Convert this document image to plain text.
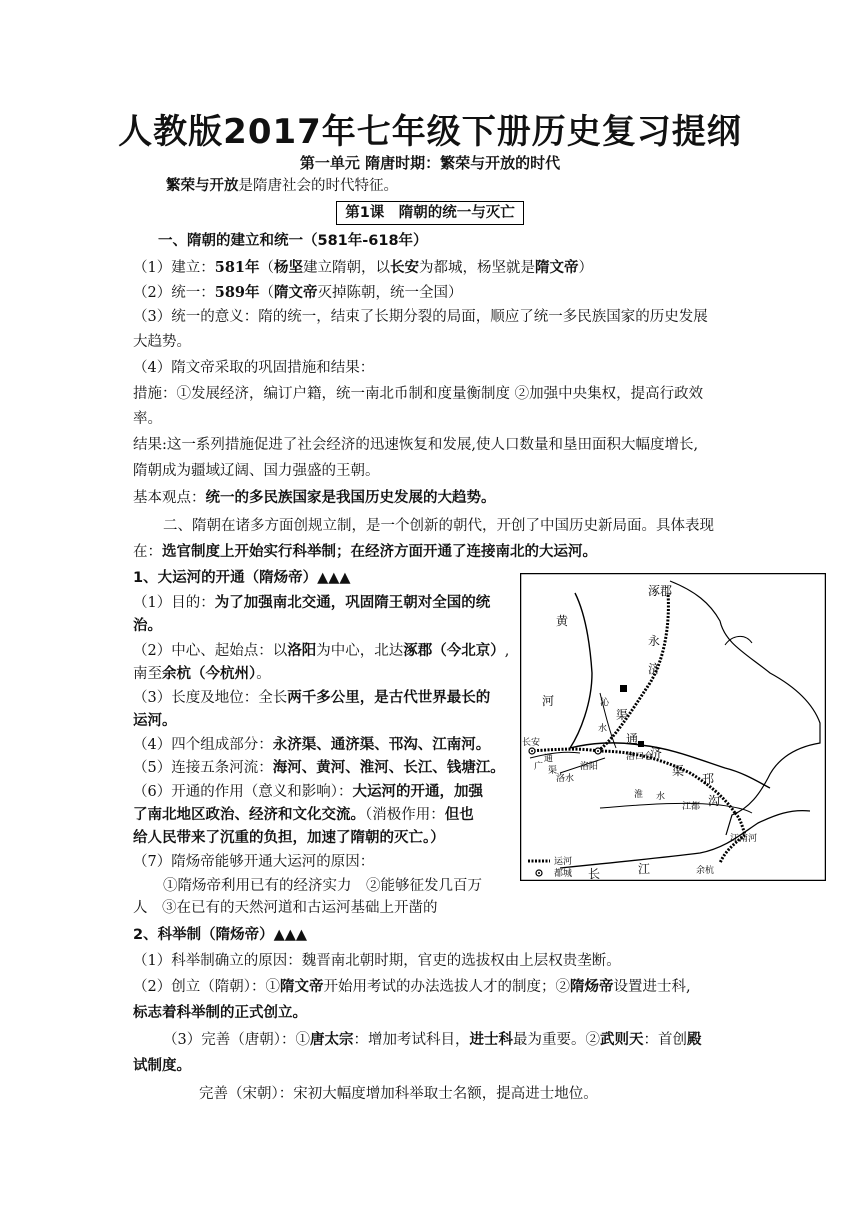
人教版2017年七年级下册历史复习提纲
第一单元 隋唐时期：繁荣与开放的时代
繁荣与开放是隋唐社会的时代特征。
第1课　隋朝的统一与灭亡
一、隋朝的建立和统一（581年-618年）
（1）建立：581年（杨坚建立隋朝，以长安为都城，杨坚就是隋文帝）
（2）统一：589年（隋文帝灭掉陈朝，统一全国）
（3）统一的意义：隋的统一，结束了长期分裂的局面，顺应了统一多民族国家的历史发展
大趋势。
（4）隋文帝采取的巩固措施和结果：
措施：①发展经济，编订户籍，统一南北币制和度量衡制度 ②加强中央集权，提高行政效
率。
结果:这一系列措施促进了社会经济的迅速恢复和发展,使人口数量和垦田面积大幅度增长,
隋朝成为疆域辽阔、国力强盛的王朝。
基本观点：统一的多民族国家是我国历史发展的大趋势。
二、隋朝在诸多方面创规立制，是一个创新的朝代，开创了中国历史新局面。具体表现
在：选官制度上开始实行科举制；在经济方面开通了连接南北的大运河。
1、大运河的开通（隋炀帝）▲▲▲
（1）目的：为了加强南北交通，巩固隋王朝对全国的统
治。
（2）中心、起始点：以洛阳为中心，北达涿郡（今北京）,
南至余杭（今杭州）。
（3）长度及地位：全长两千多公里，是古代世界最长的
运河。
（4）四个组成部分：永济渠、通济渠、邗沟、江南河。
（5）连接五条河流：海河、黄河、淮河、长江、钱塘江。
（6）开通的作用（意义和影响）：大运河的开通，加强
了南北地区政治、经济和文化交流。（消极作用：但也
给人民带来了沉重的负担，加速了隋朝的灭亡。）
（7）隋炀帝能够开通大运河的原因：
①隋炀帝利用已有的经济实力　②能够征发几百万
人　③在已有的天然河道和古运河基础上开凿的
2、科举制（隋炀帝）▲▲▲
（1）科举制确立的原因：魏晋南北朝时期，官吏的选拔权由上层权贵垄断。
（2）创立（隋朝）：①隋文帝开始用考试的办法选拔人才的制度；②隋炀帝设置进士科,
标志着科举制的正式创立。
（3）完善（唐朝）：①唐太宗：增加考试科目，进士科最为重要。②武则天：首创殿
试制度。
完善（宋朝）：宋初大幅度增加科举取士名额，提高进士地位。
涿郡
黄
河
永
济
渠
沁
水
长安
广
通
渠
洛水
洛阳
洛口仓
通
济
渠
邗
沟
淮 水
江都
长	江	余杭
江南河
运河
都城
